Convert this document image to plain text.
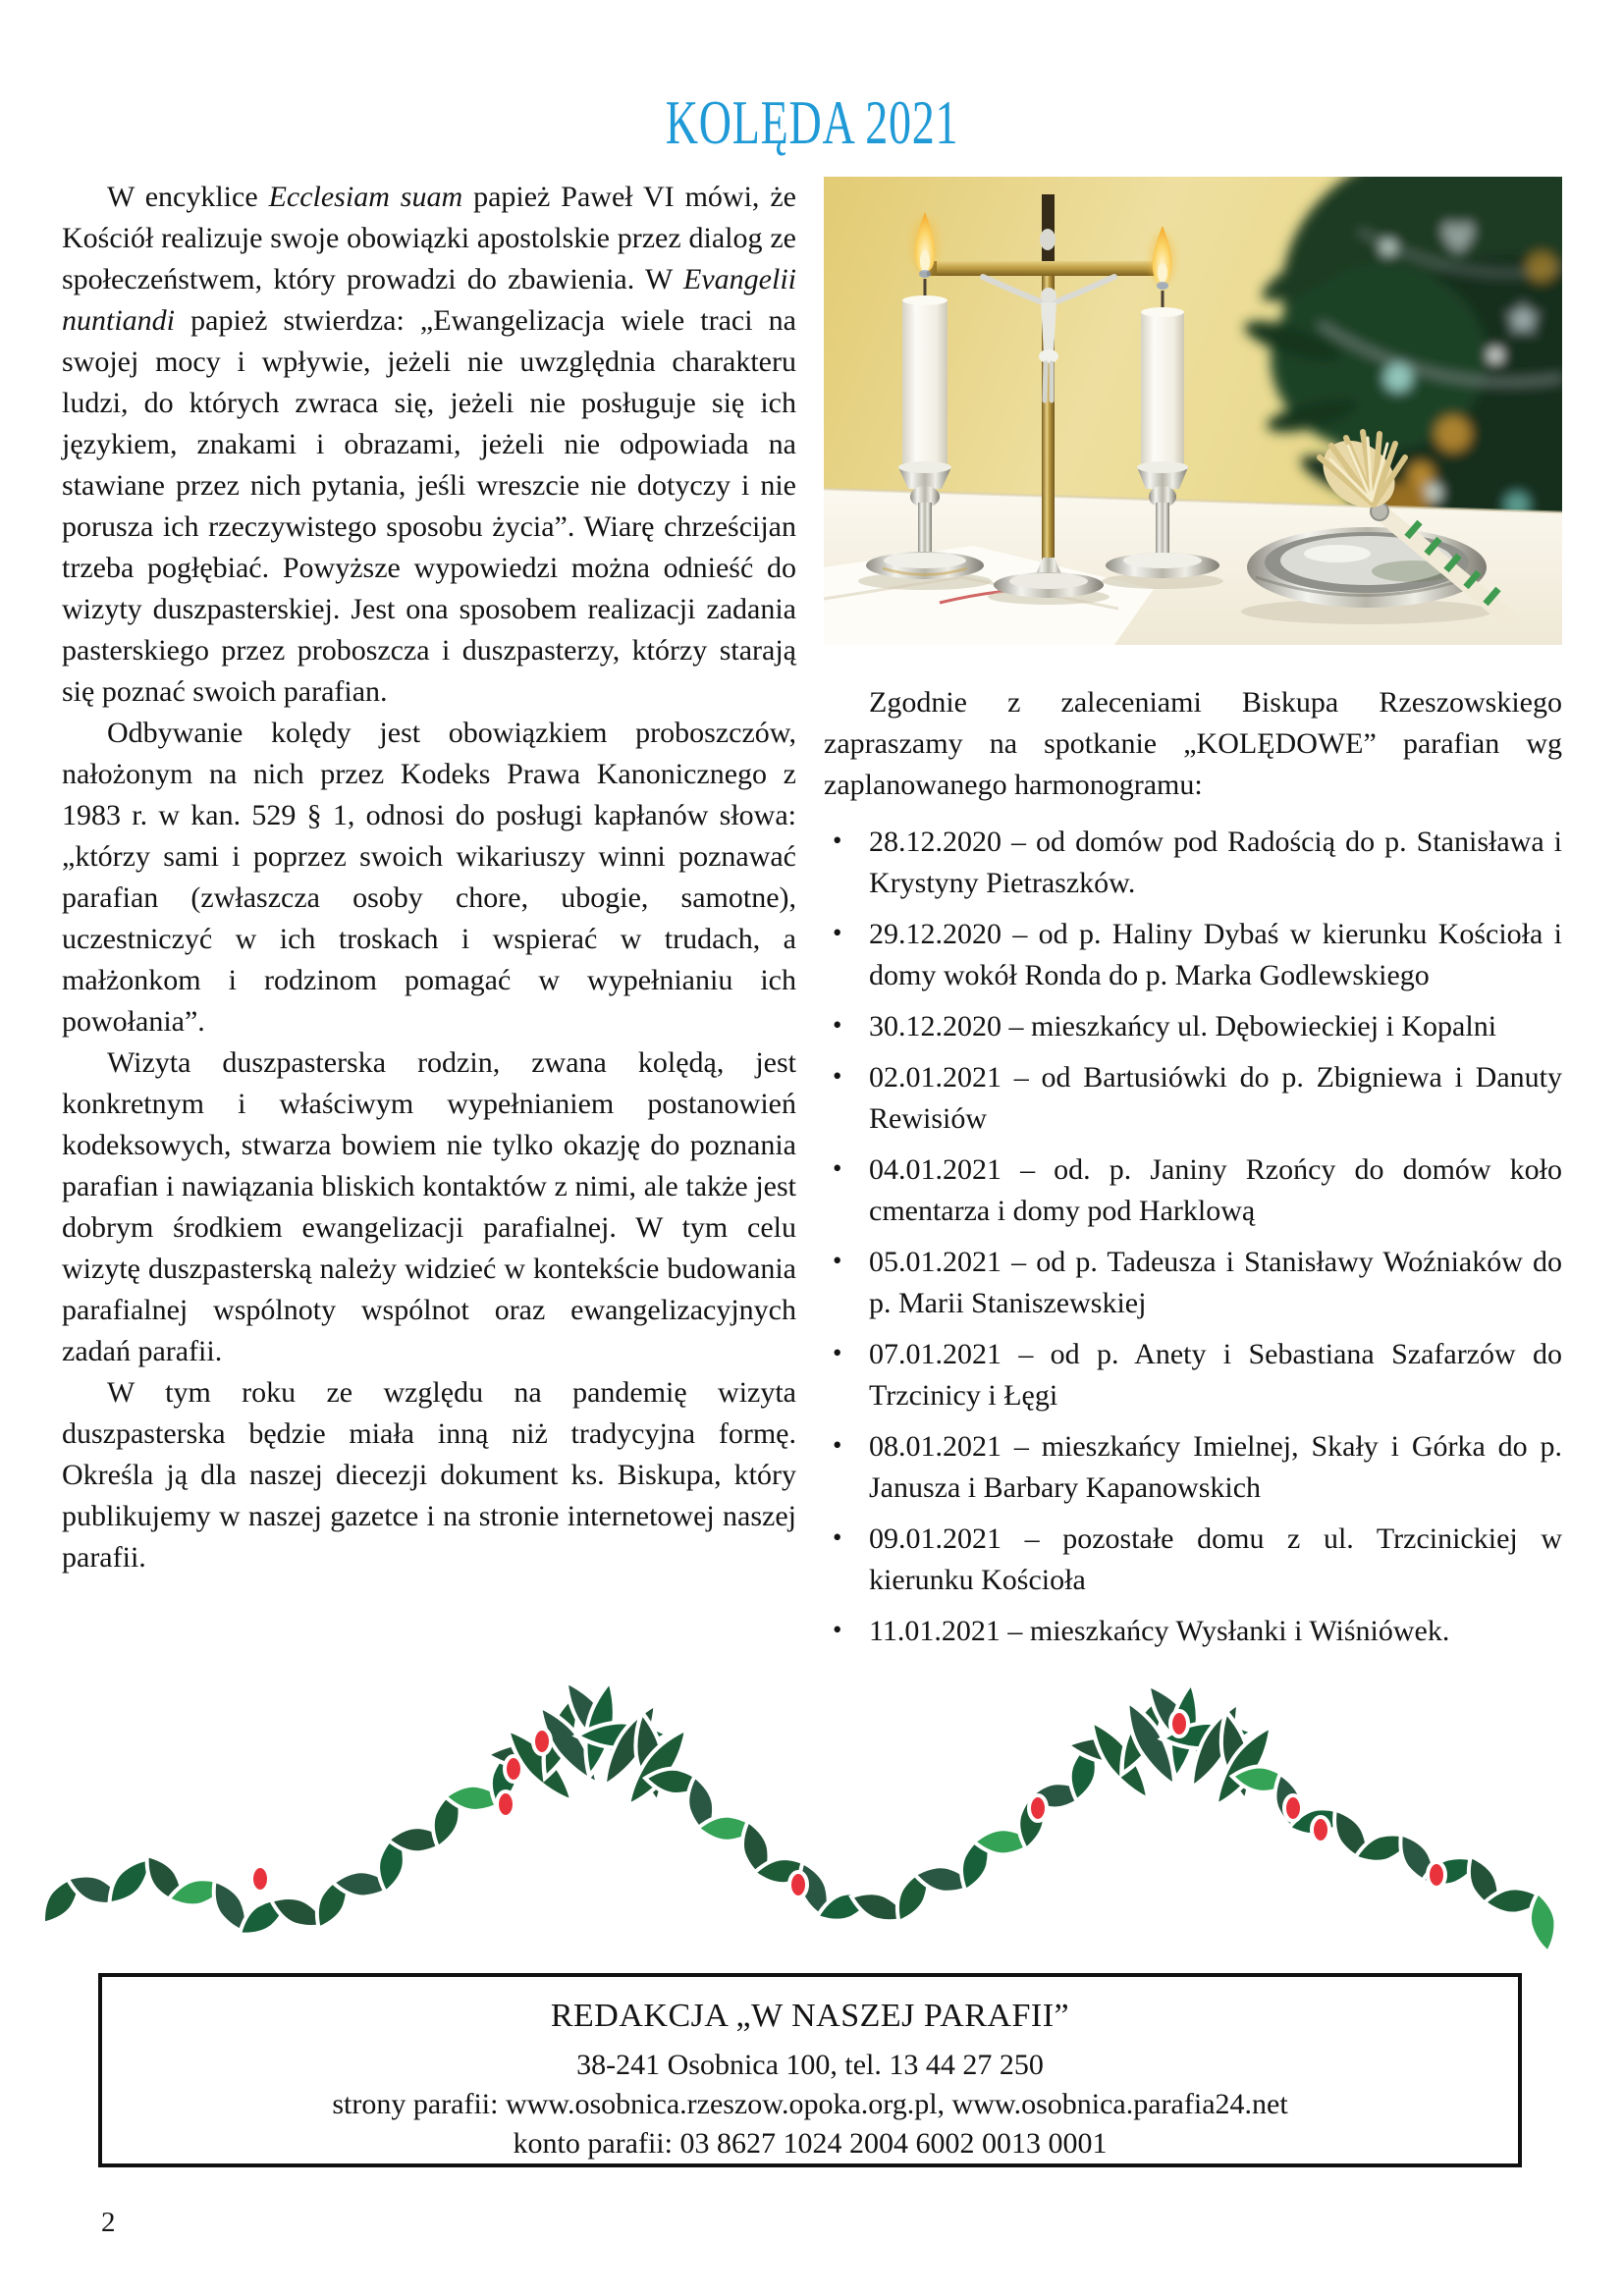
KOLĘDA 2021

W encyklice Ecclesiam suam papież Paweł VI mówi, że Kościół realizuje swoje obowiązki apostolskie przez dialog ze społeczeństwem, który prowadzi do zbawienia. W Evangelii nuntiandi papież stwierdza: „Ewangelizacja wiele traci na swojej mocy i wpływie, jeżeli nie uwzględnia charakteru ludzi, do których zwraca się, jeżeli nie posługuje się ich językiem, znakami i obrazami, jeżeli nie odpowiada na stawiane przez nich pytania, jeśli wreszcie nie dotyczy i nie porusza ich rzeczywistego sposobu życia”. Wiarę chrześcijan trzeba pogłębiać. Powyższe wypowiedzi można odnieść do wizyty duszpasterskiej. Jest ona sposobem realizacji zadania pasterskiego przez proboszcza i duszpasterzy, którzy starają się poznać swoich parafian.

Odbywanie kolędy jest obowiązkiem proboszczów, nałożonym na nich przez Kodeks Prawa Kanonicznego z 1983 r. w kan. 529 § 1, odnosi do posługi kapłanów słowa: „którzy sami i poprzez swoich wikariuszy winni poznawać parafian (zwłaszcza osoby chore, ubogie, samotne), uczestniczyć w ich troskach i wspierać w trudach, a małżonkom i rodzinom pomagać w wypełnianiu ich powołania”.

Wizyta duszpasterska rodzin, zwana kolędą, jest konkretnym i właściwym wypełnianiem postanowień kodeksowych, stwarza bowiem nie tylko okazję do poznania parafian i nawiązania bliskich kontaktów z nimi, ale także jest dobrym środkiem ewangelizacji parafialnej. W tym celu wizytę duszpasterską należy widzieć w kontekście budowania parafialnej wspólnoty wspólnot oraz ewangelizacyjnych zadań parafii.

W tym roku ze względu na pandemię wizyta duszpasterska będzie miała inną niż tradycyjna formę. Określa ją dla naszej diecezji dokument ks. Biskupa, który publikujemy w naszej gazetce i na stronie internetowej naszej parafii.

Zgodnie z zaleceniami Biskupa Rzeszowskiego zapraszamy na spotkanie „KOLĘDOWE” parafian wg zaplanowanego harmonogramu:

• 28.12.2020 – od domów pod Radością do p. Stanisława i Krystyny Pietraszków.
• 29.12.2020 – od p. Haliny Dybaś w kierunku Kościoła i domy wokół Ronda do p. Marka Godlewskiego
• 30.12.2020 – mieszkańcy ul. Dębowieckiej i Kopalni
• 02.01.2021 – od Bartusiówki do p. Zbigniewa i Danuty Rewisiów
• 04.01.2021 – od. p. Janiny Rzońcy do domów koło cmentarza i domy pod Harklową
• 05.01.2021 – od p. Tadeusza i Stanisławy Woźniaków do p. Marii Staniszewskiej
• 07.01.2021 – od p. Anety i Sebastiana Szafarzów do Trzcinicy i Łęgi
• 08.01.2021 – mieszkańcy Imielnej, Skały i Górka do p. Janusza i Barbary Kapanowskich
• 09.01.2021 – pozostałe domu z ul. Trzcinickiej w kierunku Kościoła
• 11.01.2021 – mieszkańcy Wysłanki i Wiśniówek.
REDAKCJA „W NASZEJ PARAFII”
38-241 Osobnica 100, tel. 13 44 27 250
strony parafii: www.osobnica.rzeszow.opoka.org.pl, www.osobnica.parafia24.net
konto parafii: 03 8627 1024 2004 6002 0013 0001
2
